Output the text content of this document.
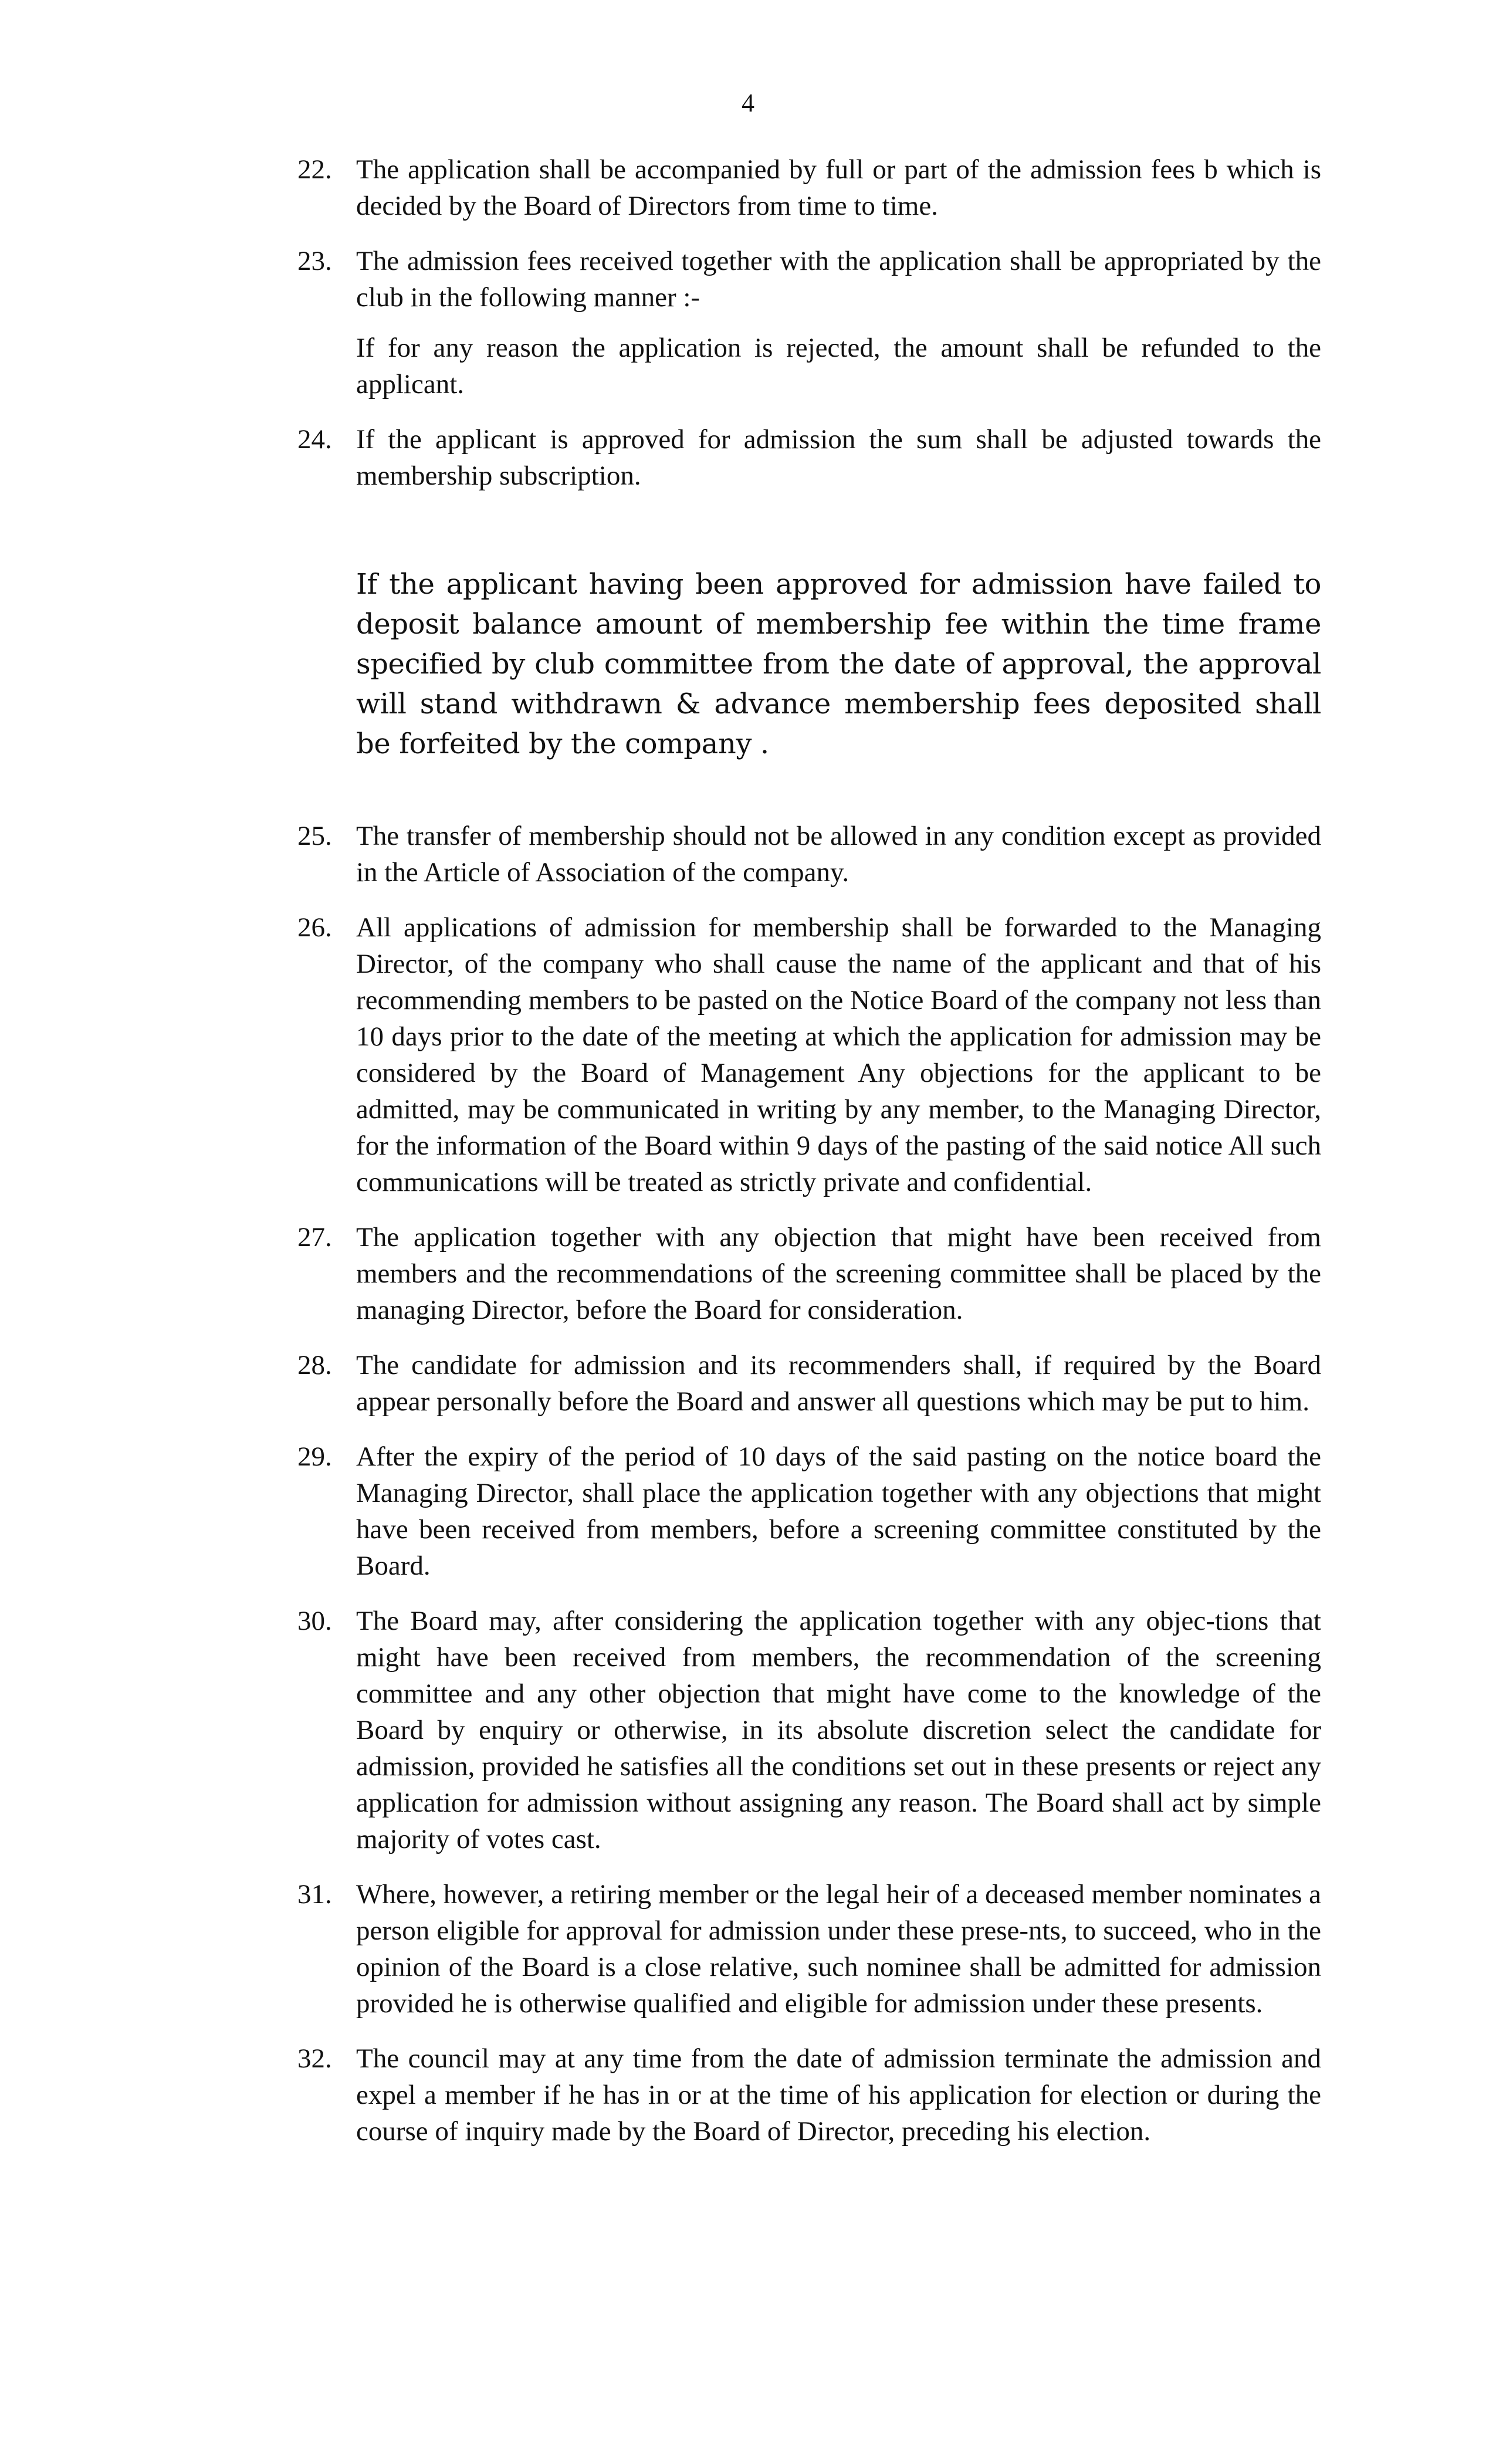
4
22. The application shall be accompanied by full or part of the admission fees b which is decided by the Board of Directors from time to time.
23. The admission fees received together with the application shall be appropriated by the club in the following manner :-
If for any reason the application is rejected, the amount shall be refunded to the applicant.
24. If the applicant is approved for admission the sum shall be adjusted towards the membership subscription.
If the applicant having been approved for admission have failed to deposit balance amount of membership fee within the time frame specified by club committee from the date of approval, the approval will stand withdrawn & advance membership fees deposited shall be forfeited by the company .
25. The transfer of membership should not be allowed in any condition except as provided in the Article of Association of the company.
26. All applications of admission for membership shall be forwarded to the Managing Director, of the company who shall cause the name of the applicant and that of his recommending members to be pasted on the Notice Board of the company not less than 10 days prior to the date of the meeting at which the application for admission may be considered by the Board of Management Any objections for the applicant to be admitted, may be communicated in writing by any member, to the Managing Director, for the information of the Board within 9 days of the pasting of the said notice All such communications will be treated as strictly private and confidential.
27. The application together with any objection that might have been received from members and the recommendations of the screening committee shall be placed by the managing Director, before the Board for consideration.
28. The candidate for admission and its recommenders shall, if required by the Board appear personally before the Board and answer all questions which may be put to him.
29. After the expiry of the period of 10 days of the said pasting on the notice board the Managing Director, shall place the application together with any objections that might have been received from members, before a screening committee constituted by the Board.
30. The Board may, after considering the application together with any objec-tions that might have been received from members, the recommendation of the screening committee and any other objection that might have come to the knowledge of the Board by enquiry or otherwise, in its absolute discretion select the candidate for admission, provided he satisfies all the conditions set out in these presents or reject any application for admission without assigning any reason. The Board shall act by simple majority of votes cast.
31. Where, however, a retiring member or the legal heir of a deceased member nominates a person eligible for approval for admission under these prese-nts, to succeed, who in the opinion of the Board is a close relative, such nominee shall be admitted for admission provided he is otherwise qualified and eligible for admission under these presents.
32. The council may at any time from the date of admission terminate the admission and expel a member if he has in or at the time of his application for election or during the course of inquiry made by the Board of Director, preceding his election.
